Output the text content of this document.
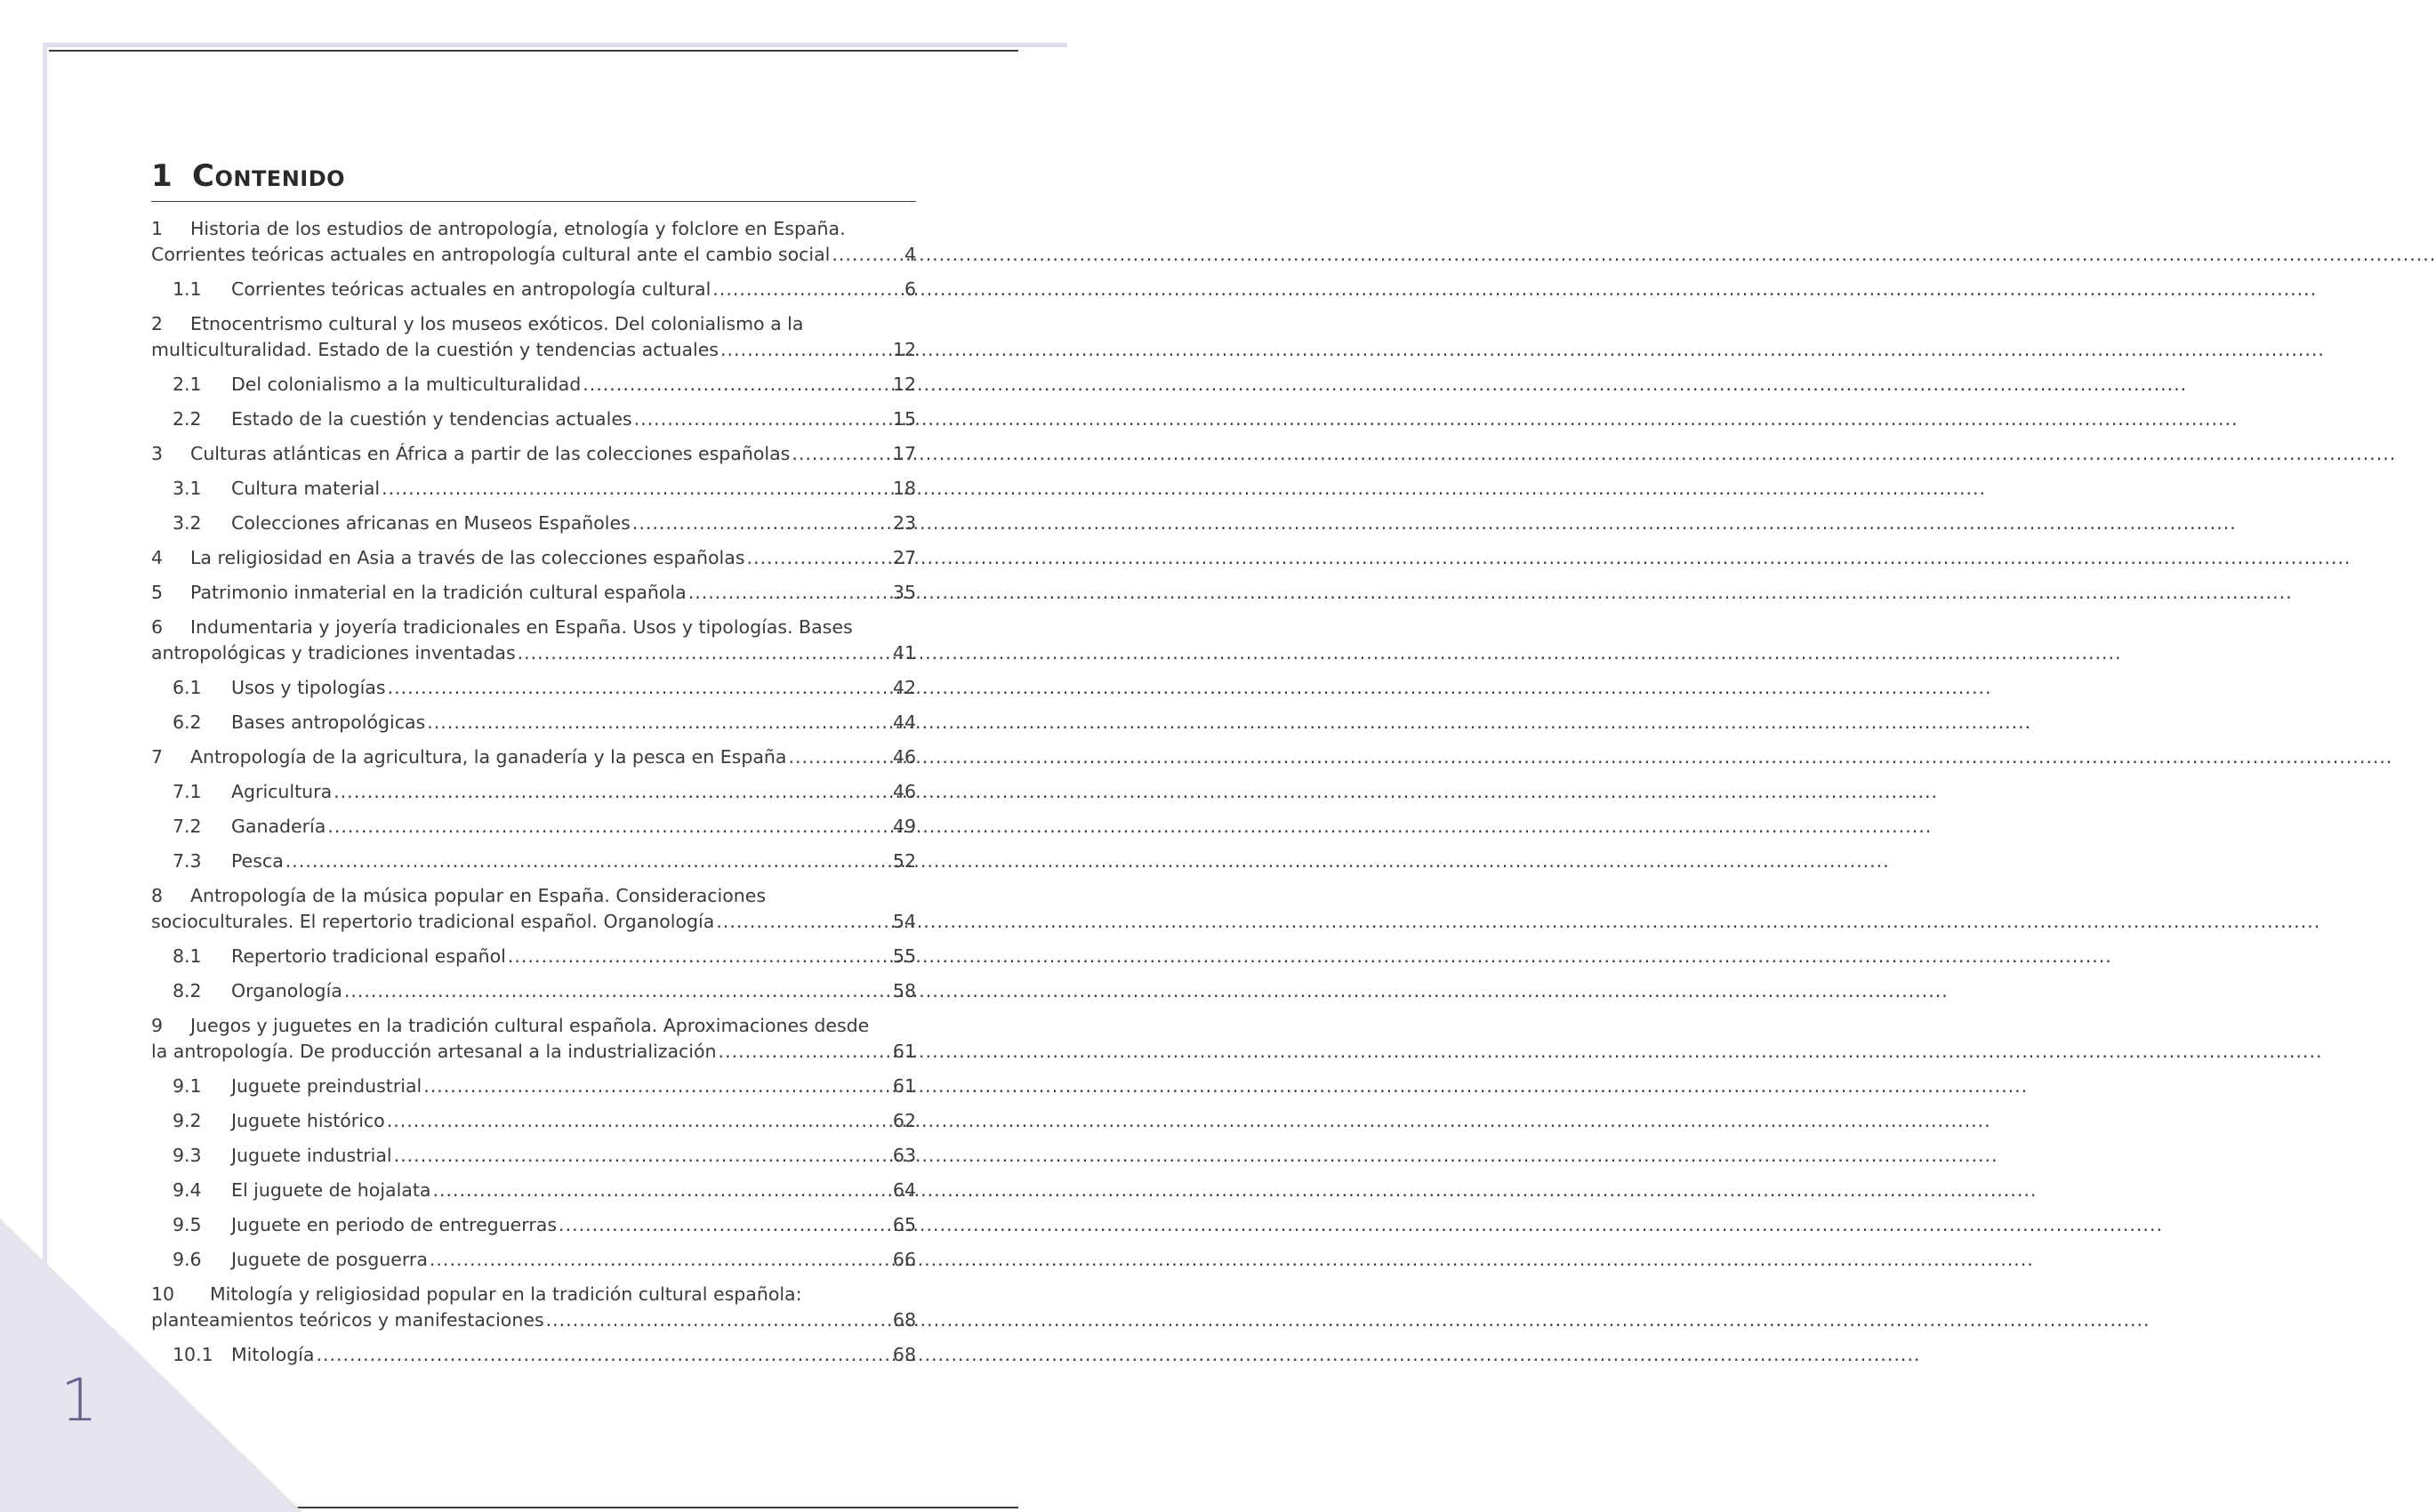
1
1 Contenido
1 Historia de los estudios de antropología, etnología y folclore en España.
Corrientes teóricas actuales en antropología cultural ante el cambio social .....	4
1.1	Corrientes teóricas actuales en antropología cultural .....	6
2 Etnocentrismo cultural y los museos exóticos. Del colonialismo a la
multiculturalidad. Estado de la cuestión y tendencias actuales .....	12
2.1	Del colonialismo a la multiculturalidad .....	12
2.2	Estado de la cuestión y tendencias actuales .....	15
3	Culturas atlánticas en África a partir de las colecciones españolas .....	17
3.1	Cultura material .....	18
3.2	Colecciones africanas en Museos Españoles .....	23
4	La religiosidad en Asia a través de las colecciones españolas .....	27
5	Patrimonio inmaterial en la tradición cultural española .....	35
6 Indumentaria y joyería tradicionales en España. Usos y tipologías. Bases
antropológicas y tradiciones inventadas .....	41
6.1	Usos y tipologías .....	42
6.2	Bases antropológicas .....	44
7	Antropología de la agricultura, la ganadería y la pesca en España .....	46
7.1	Agricultura .....	46
7.2	Ganadería .....	49
7.3	Pesca .....	52
8 Antropología de la música popular en España. Consideraciones
socioculturales. El repertorio tradicional español. Organología .....	54
8.1	Repertorio tradicional español .....	55
8.2	Organología .....	58
9 Juegos y juguetes en la tradición cultural española. Aproximaciones desde
la antropología. De producción artesanal a la industrialización .....	61
9.1	Juguete preindustrial .....	61
9.2	Juguete histórico .....	62
9.3	Juguete industrial .....	63
9.4	El juguete de hojalata .....	64
9.5	Juguete en periodo de entreguerras .....	65
9.6	Juguete de posguerra .....	66
10 Mitología y religiosidad popular en la tradición cultural española:
planteamientos teóricos y manifestaciones .....	68
10.1 Mitología .....	68
